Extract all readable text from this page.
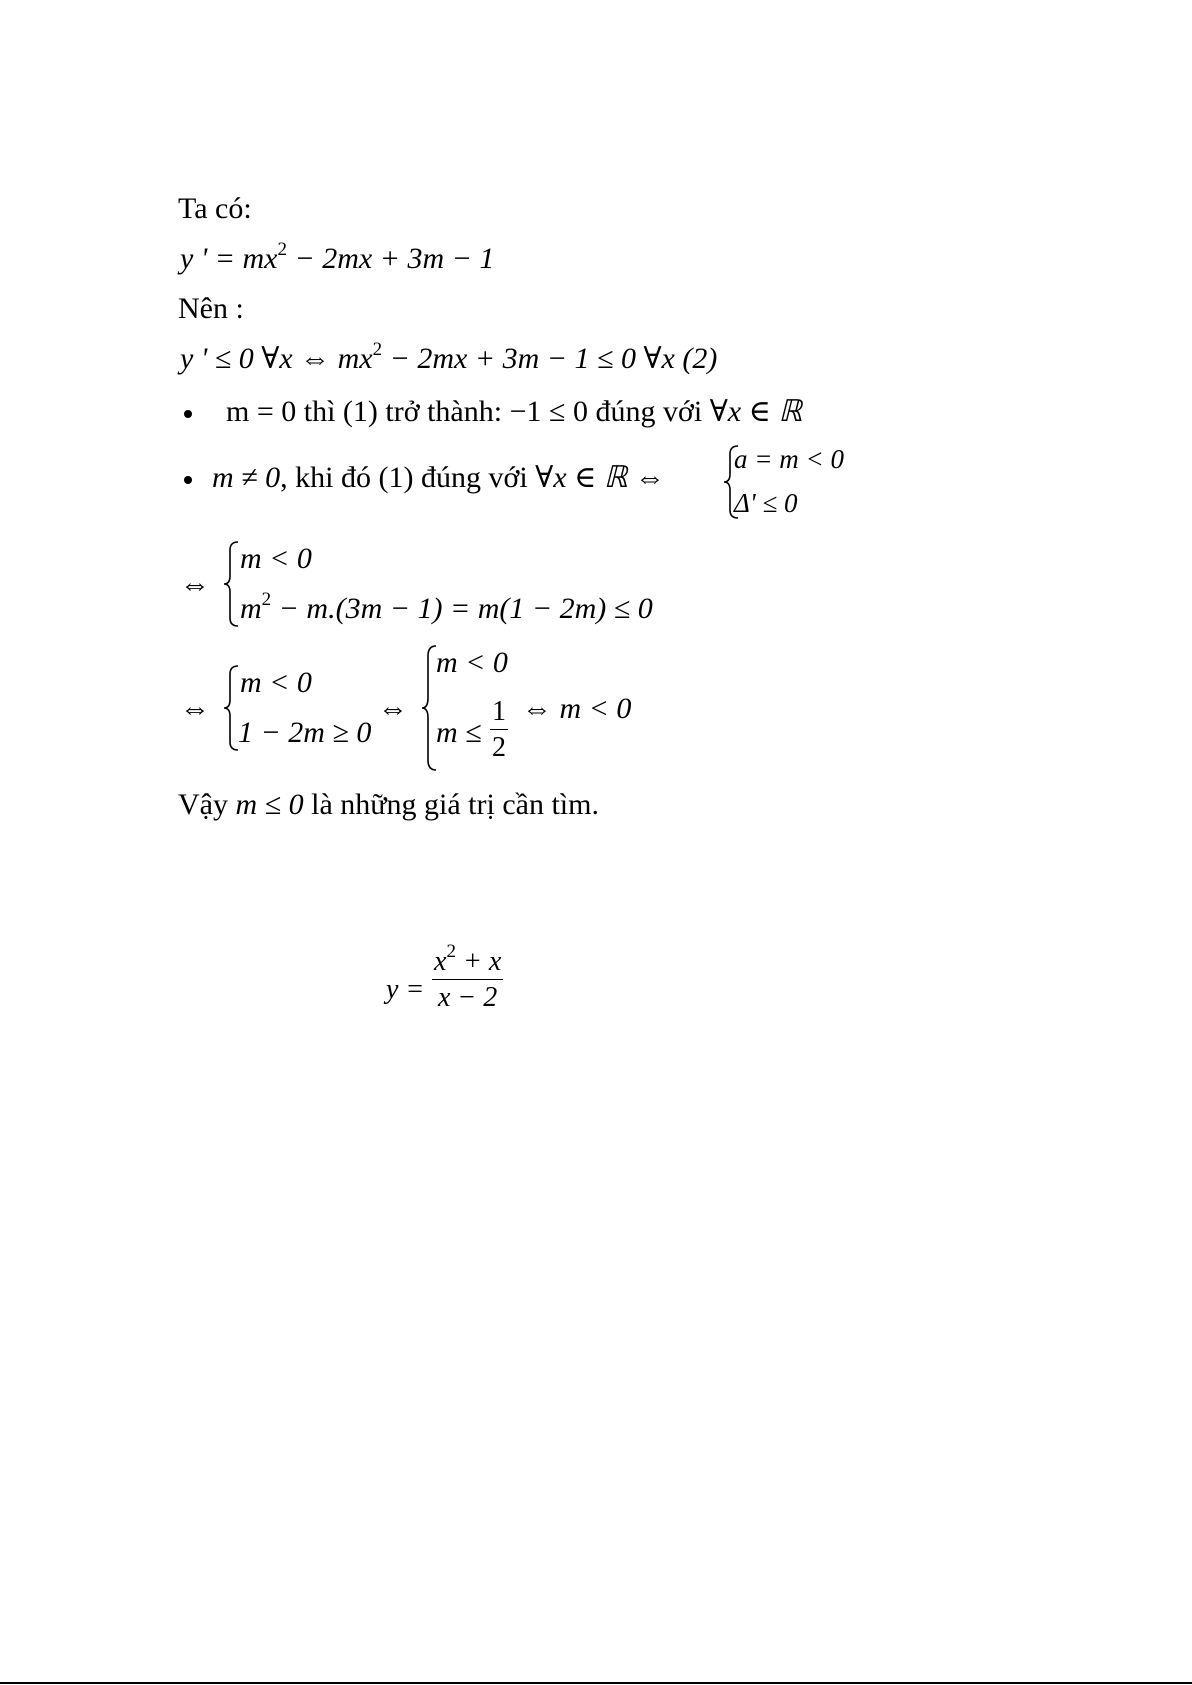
Ta có:
y ' = $mx^2 - 2mx + 3m - 1$
Nên :
y ' ≤ 0 ∀x ⇔ $mx^2 - 2mx + 3m - 1 \le 0$ ∀x (2)
m = 0 thì (1) trở thành: −1 ≤ 0 đúng với ∀x ∈ ℝ
m ≠ 0, khi đó (1) đúng với ∀x ∈ ℝ ⇔
a = m < 0
Δ' ≤ 0
⇔
m < 0
$m^2 - m.(3m - 1) = m(1 - 2m) \le 0$
⇔
m < 0
1 − 2m ≥ 0
⇔
m < 0
$m \le \frac{1}{2}$ ⇔ m < 0
Vậy m ≤ 0 là những giá trị cần tìm.
$y = \frac{x^2 + x}{x - 2}$
